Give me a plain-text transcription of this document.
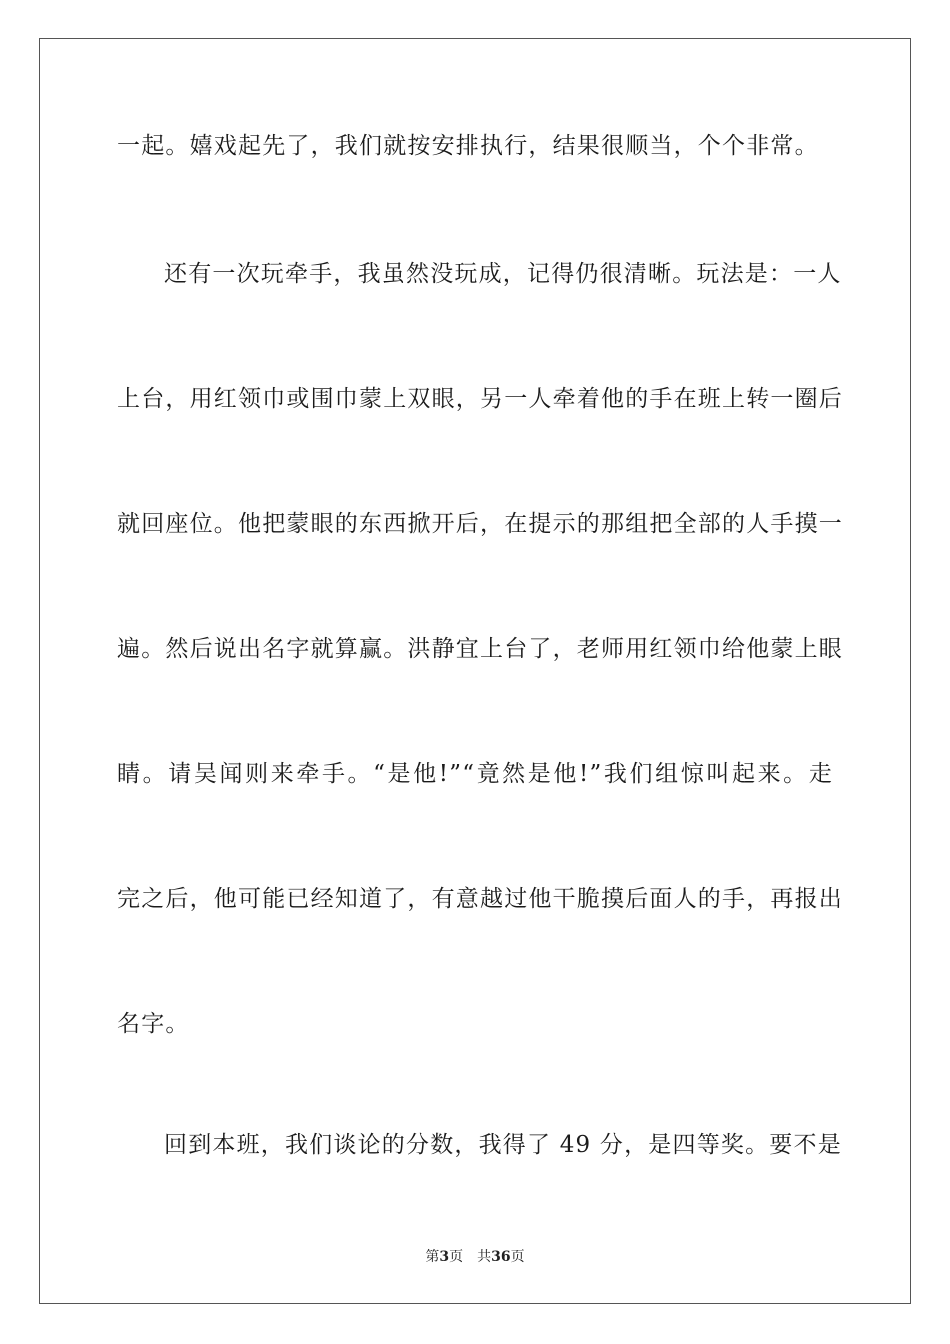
一起。嬉戏起先了，我们就按安排执行，结果很顺当，个个非常。
还有一次玩牵手，我虽然没玩成，记得仍很清晰。玩法是：一人
上台，用红领巾或围巾蒙上双眼，另一人牵着他的手在班上转一圈后
就回座位。他把蒙眼的东西掀开后，在提示的那组把全部的人手摸一
遍。然后说出名字就算赢。洪静宜上台了，老师用红领巾给他蒙上眼
睛。请吴闻则来牵手。“是他!”“竟然是他!”我们组惊叫起来。走
完之后，他可能已经知道了，有意越过他干脆摸后面人的手，再报出
名字。
回到本班，我们谈论的分数，我得了 49 分，是四等奖。要不是
第3页 共36页
